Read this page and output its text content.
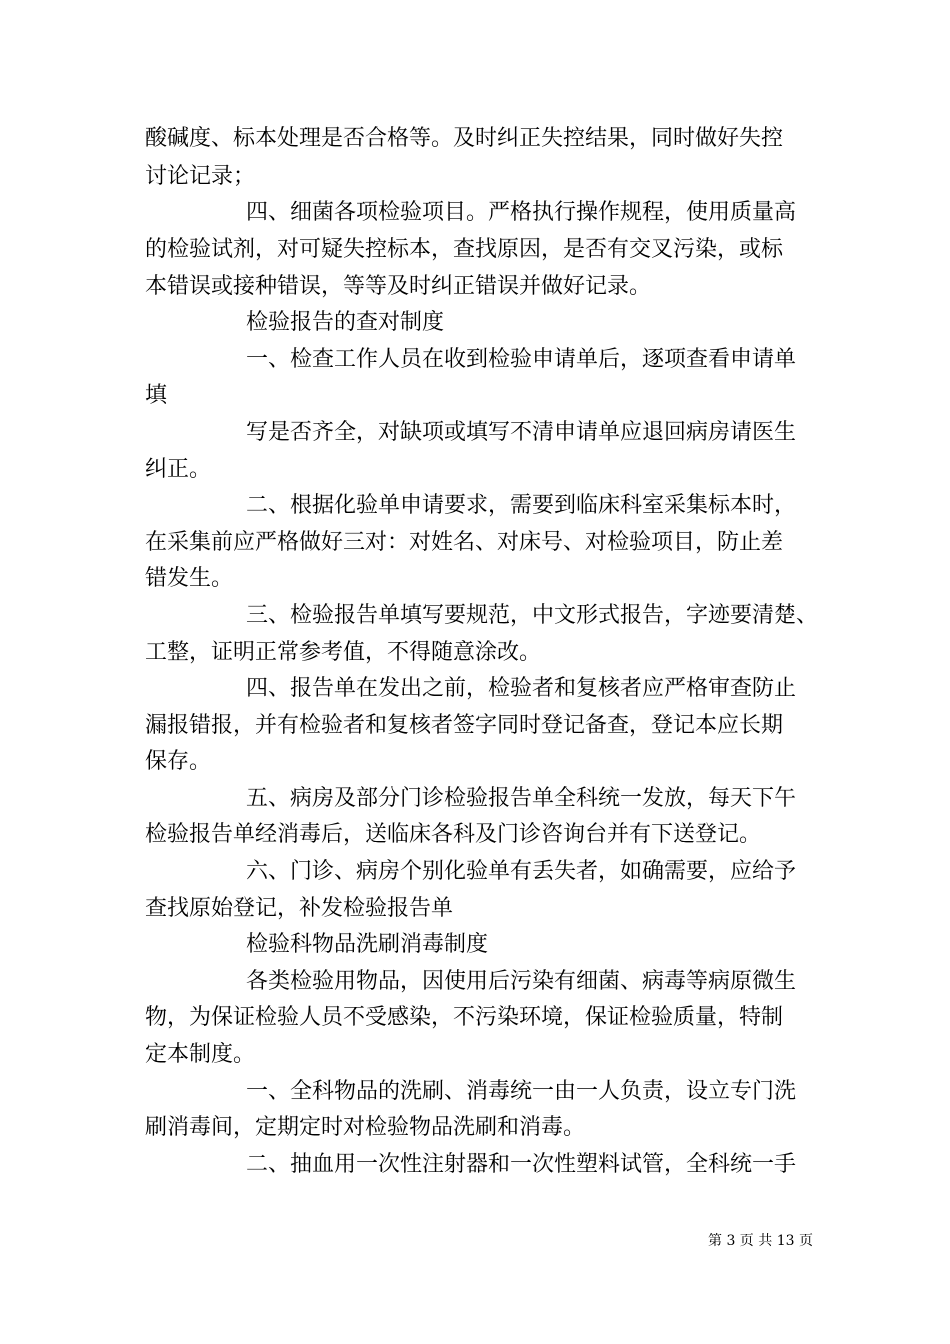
酸碱度、标本处理是否合格等。及时纠正失控结果，同时做好失控
讨论记录；
四、细菌各项检验项目。严格执行操作规程，使用质量高
的检验试剂，对可疑失控标本，查找原因，是否有交叉污染，或标
本错误或接种错误，等等及时纠正错误并做好记录。
检验报告的查对制度
一、检查工作人员在收到检验申请单后，逐项查看申请单
填
写是否齐全，对缺项或填写不清申请单应退回病房请医生
纠正。
二、根据化验单申请要求，需要到临床科室采集标本时，
在采集前应严格做好三对：对姓名、对床号、对检验项目，防止差
错发生。
三、检验报告单填写要规范，中文形式报告，字迹要清楚、
工整，证明正常参考值，不得随意涂改。
四、报告单在发出之前，检验者和复核者应严格审查防止
漏报错报，并有检验者和复核者签字同时登记备查，登记本应长期
保存。
五、病房及部分门诊检验报告单全科统一发放，每天下午
检验报告单经消毒后，送临床各科及门诊咨询台并有下送登记。
六、门诊、病房个别化验单有丢失者，如确需要，应给予
查找原始登记，补发检验报告单
检验科物品洗刷消毒制度
各类检验用物品，因使用后污染有细菌、病毒等病原微生
物，为保证检验人员不受感染，不污染环境，保证检验质量，特制
定本制度。
一、全科物品的洗刷、消毒统一由一人负责，设立专门洗
刷消毒间，定期定时对检验物品洗刷和消毒。
二、抽血用一次性注射器和一次性塑料试管，全科统一手
第 3 页 共 13 页
